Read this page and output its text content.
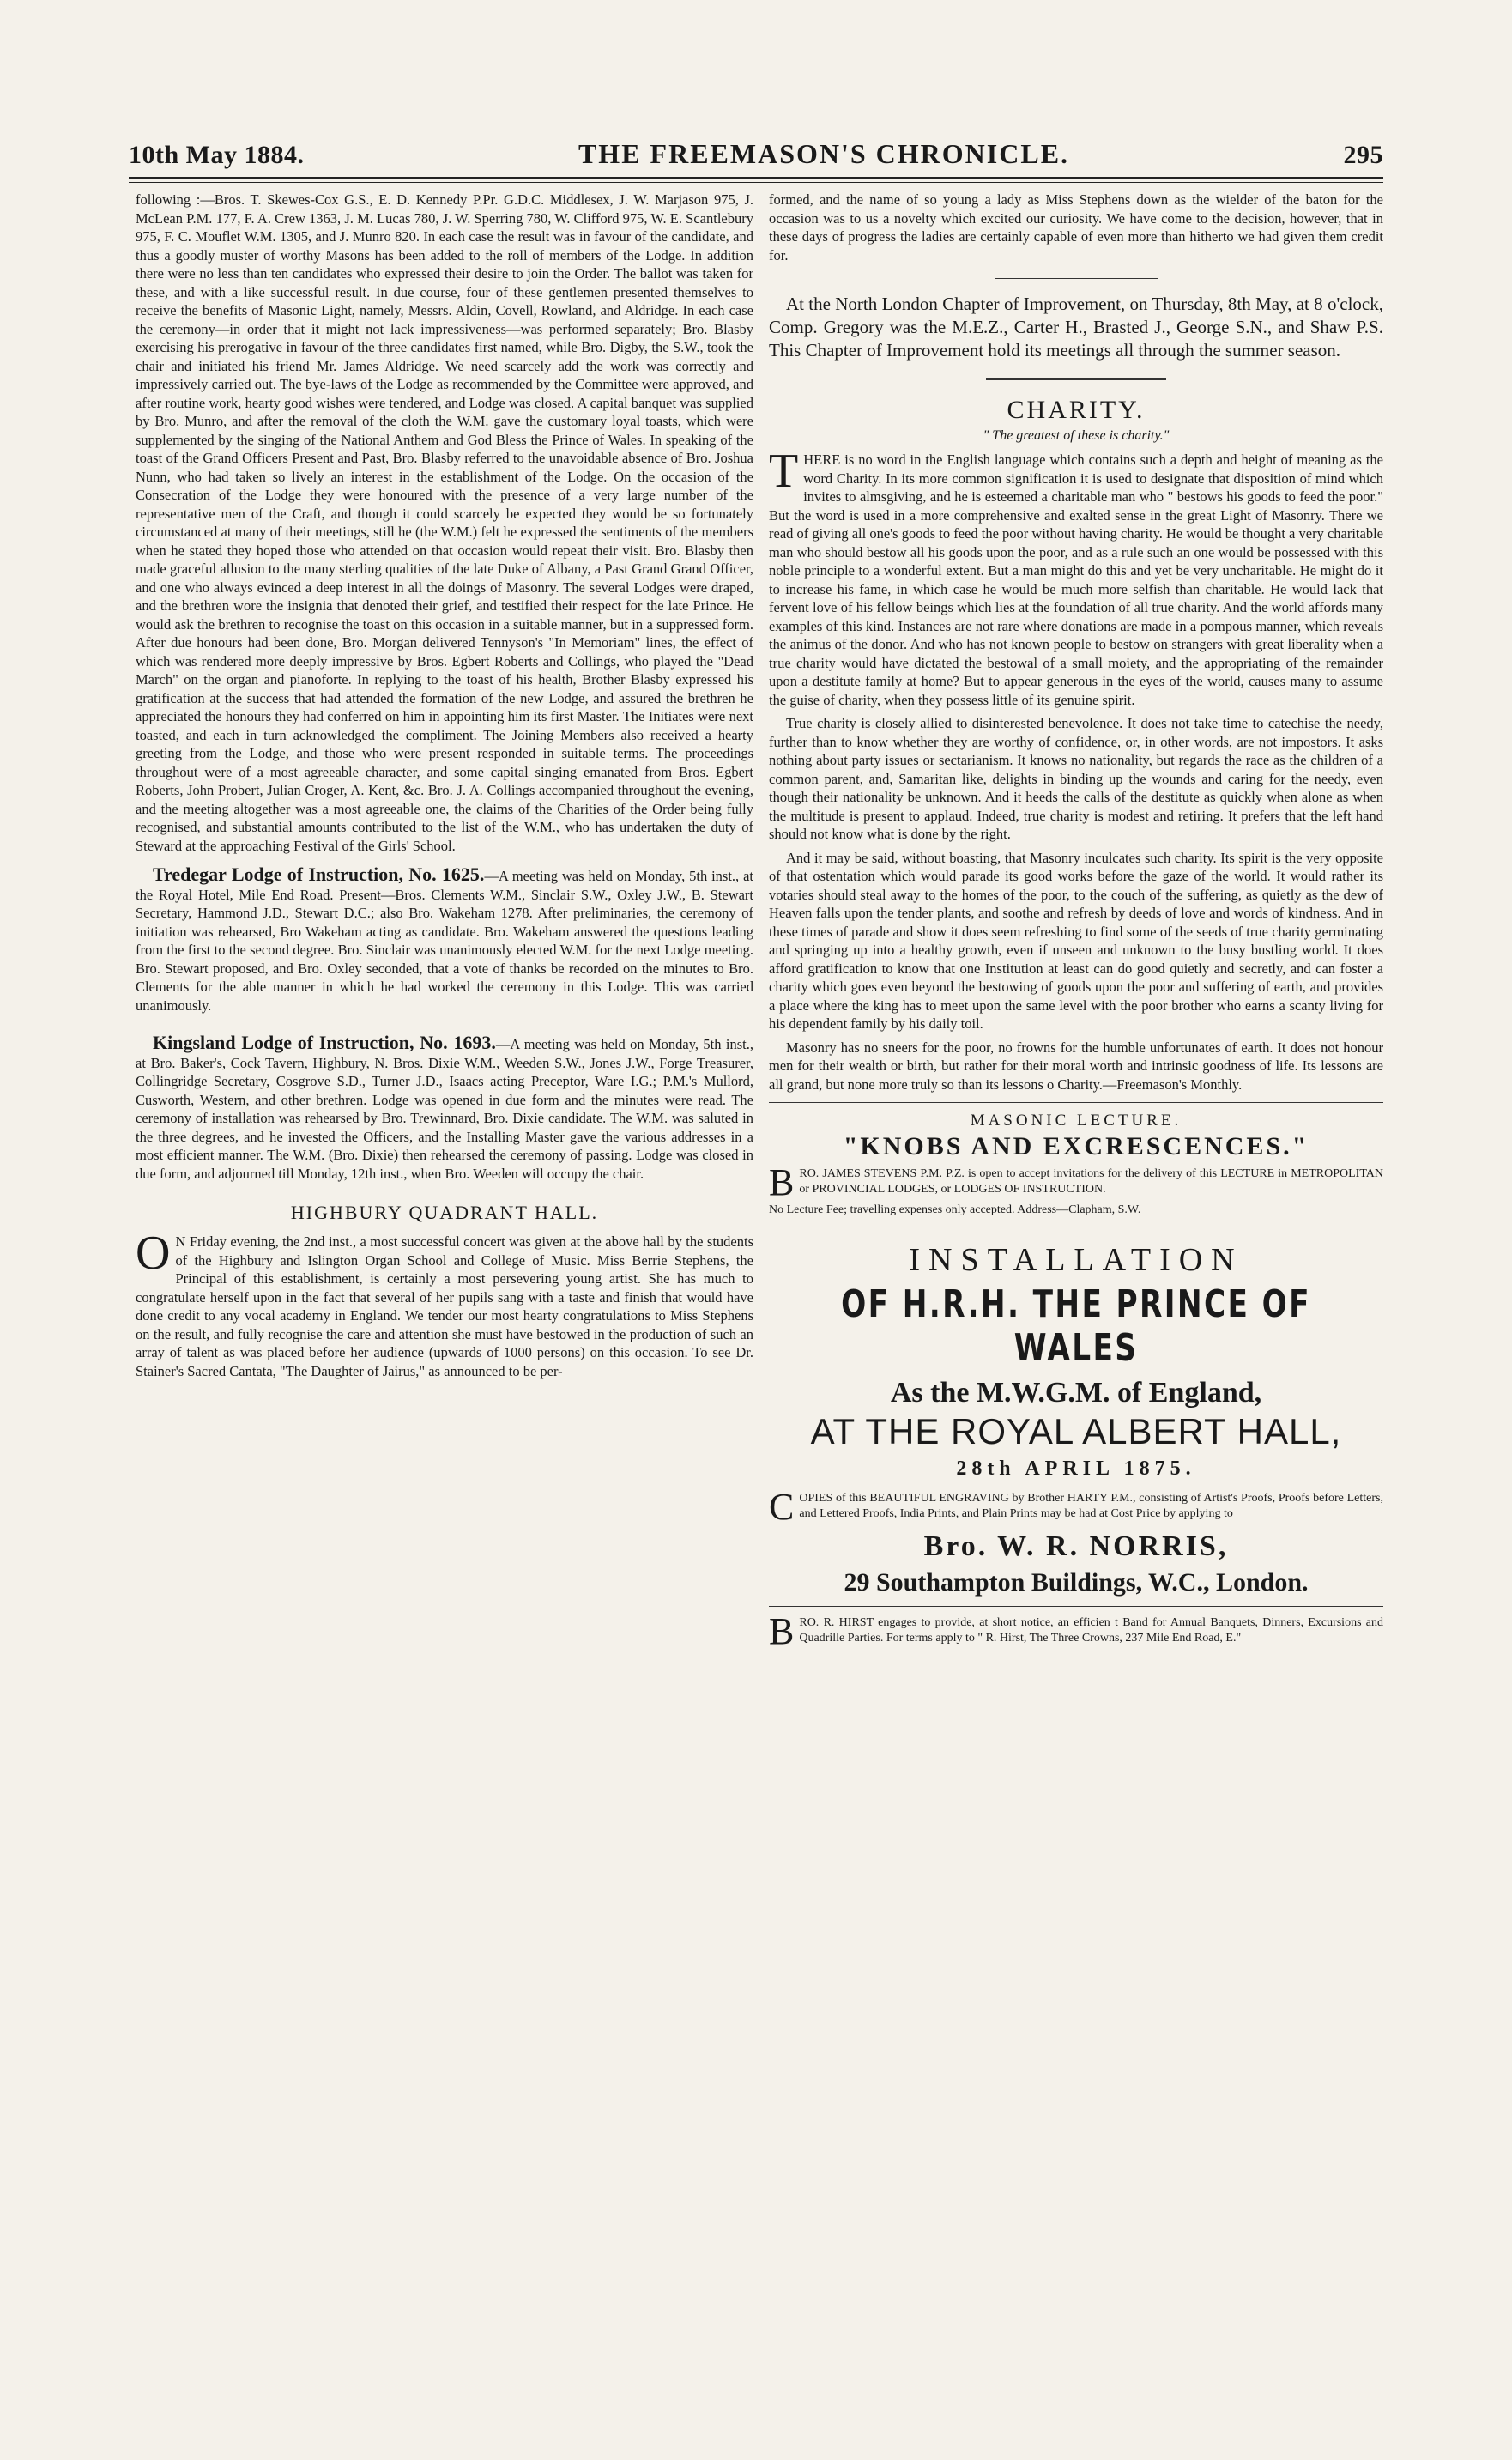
10th May 1884.	THE FREEMASON'S CHRONICLE.	295

following :—Bros. T. Skewes-Cox G.S., E. D. Kennedy P.Pr. G.D.C. Middlesex, J. W. Marjason 975, J. McLean P.M. 177, F. A. Crew 1363, J. M. Lucas 780, J. W. Sperring 780, W. Clifford 975, W. E. Scantlebury 975, F. C. Mouflet W.M. 1305, and J. Munro 820. In each case the result was in favour of the candidate, and thus a goodly muster of worthy Masons has been added to the roll of members of the Lodge. In addition there were no less than ten candidates who expressed their desire to join the Order. The ballot was taken for these, and with a like successful result. In due course, four of these gentlemen presented themselves to receive the benefits of Masonic Light, namely, Messrs. Aldin, Covell, Rowland, and Aldridge. In each case the ceremony—in order that it might not lack impressiveness—was performed separately; Bro. Blasby exercising his prerogative in favour of the three candidates first named, while Bro. Digby, the S.W., took the chair and initiated his friend Mr. James Aldridge. We need scarcely add the work was correctly and impressively carried out. The bye-laws of the Lodge as recommended by the Committee were approved, and after routine work, hearty good wishes were tendered, and Lodge was closed. A capital banquet was supplied by Bro. Munro, and after the removal of the cloth the W.M. gave the customary loyal toasts, which were supplemented by the singing of the National Anthem and God Bless the Prince of Wales. In speaking of the toast of the Grand Officers Present and Past, Bro. Blasby referred to the unavoidable absence of Bro. Joshua Nunn, who had taken so lively an interest in the establishment of the Lodge. On the occasion of the Consecration of the Lodge they were honoured with the presence of a very large number of the representative men of the Craft, and though it could scarcely be expected they would be so fortunately circumstanced at many of their meetings, still he (the W.M.) felt he expressed the sentiments of the members when he stated they hoped those who attended on that occasion would repeat their visit. Bro. Blasby then made graceful allusion to the many sterling qualities of the late Duke of Albany, a Past Grand Grand Officer, and one who always evinced a deep interest in all the doings of Masonry. The several Lodges were draped, and the brethren wore the insignia that denoted their grief, and testified their respect for the late Prince. He would ask the brethren to recognise the toast on this occasion in a suitable manner, but in a suppressed form. After due honours had been done, Bro. Morgan delivered Tennyson's "In Memoriam" lines, the effect of which was rendered more deeply impressive by Bros. Egbert Roberts and Collings, who played the "Dead March" on the organ and pianoforte. In replying to the toast of his health, Brother Blasby expressed his gratification at the success that had attended the formation of the new Lodge, and assured the brethren he appreciated the honours they had conferred on him in appointing him its first Master. The Initiates were next toasted, and each in turn acknowledged the compliment. The Joining Members also received a hearty greeting from the Lodge, and those who were present responded in suitable terms. The proceedings throughout were of a most agreeable character, and some capital singing emanated from Bros. Egbert Roberts, John Probert, Julian Croger, A. Kent, &c. Bro. J. A. Collings accompanied throughout the evening, and the meeting altogether was a most agreeable one, the claims of the Charities of the Order being fully recognised, and substantial amounts contributed to the list of the W.M., who has undertaken the duty of Steward at the approaching Festival of the Girls' School.

Tredegar Lodge of Instruction, No. 1625.—A meeting was held on Monday, 5th inst., at the Royal Hotel, Mile End Road. Present—Bros. Clements W.M., Sinclair S.W., Oxley J.W., B. Stewart Secretary, Hammond J.D., Stewart D.C.; also Bro. Wakeham 1278. After preliminaries, the ceremony of initiation was rehearsed, Bro Wakeham acting as candidate. Bro. Wakeham answered the questions leading from the first to the second degree. Bro. Sinclair was unanimously elected W.M. for the next Lodge meeting. Bro. Stewart proposed, and Bro. Oxley seconded, that a vote of thanks be recorded on the minutes to Bro. Clements for the able manner in which he had worked the ceremony in this Lodge. This was carried unanimously.

Kingsland Lodge of Instruction, No. 1693.—A meeting was held on Monday, 5th inst., at Bro. Baker's, Cock Tavern, Highbury, N. Bros. Dixie W.M., Weeden S.W., Jones J.W., Forge Treasurer, Collingridge Secretary, Cosgrove S.D., Turner J.D., Isaacs acting Preceptor, Ware I.G.; P.M.'s Mullord, Cusworth, Western, and other brethren. Lodge was opened in due form and the minutes were read. The ceremony of installation was rehearsed by Bro. Trewinnard, Bro. Dixie candidate. The W.M. was saluted in the three degrees, and he invested the Officers, and the Installing Master gave the various addresses in a most efficient manner. The W.M. (Bro. Dixie) then rehearsed the ceremony of passing. Lodge was closed in due form, and adjourned till Monday, 12th inst., when Bro. Weeden will occupy the chair.

HIGHBURY QUADRANT HALL.

O N Friday evening, the 2nd inst., a most successful concert was given at the above hall by the students of the Highbury and Islington Organ School and College of Music. Miss Berrie Stephens, the Principal of this establishment, is certainly a most persevering young artist. She has much to congratulate herself upon in the fact that several of her pupils sang with a taste and finish that would have done credit to any vocal academy in England. We tender our most hearty congratulations to Miss Stephens on the result, and fully recognise the care and attention she must have bestowed in the production of such an array of talent as was placed before her audience (upwards of 1000 persons) on this occasion. To see Dr. Stainer's Sacred Cantata, "The Daughter of Jairus," as announced to be per-

formed, and the name of so young a lady as Miss Stephens down as the wielder of the baton for the occasion was to us a novelty which excited our curiosity. We have come to the decision, however, that in these days of progress the ladies are certainly capable of even more than hitherto we had given them credit for.

At the North London Chapter of Improvement, on Thursday, 8th May, at 8 o'clock, Comp. Gregory was the M.E.Z., Carter H., Brasted J., George S.N., and Shaw P.S. This Chapter of Improvement hold its meetings all through the summer season.

CHARITY.
" The greatest of these is charity."

THERE is no word in the English language which contains such a depth and height of meaning as the word Charity. In its more common signification it is used to designate that disposition of mind which invites to almsgiving, and he is esteemed a charitable man who " bestows his goods to feed the poor." But the word is used in a more comprehensive and exalted sense in the great Light of Masonry. There we read of giving all one's goods to feed the poor without having charity. He would be thought a very charitable man who should bestow all his goods upon the poor, and as a rule such an one would be possessed with this noble principle to a wonderful extent. But a man might do this and yet be very uncharitable. He might do it to increase his fame, in which case he would be much more selfish than charitable. He would lack that fervent love of his fellow beings which lies at the foundation of all true charity. And the world affords many examples of this kind. Instances are not rare where donations are made in a pompous manner, which reveals the animus of the donor. And who has not known people to bestow on strangers with great liberality when a true charity would have dictated the bestowal of a small moiety, and the appropriating of the remainder upon a destitute family at home? But to appear generous in the eyes of the world, causes many to assume the guise of charity, when they possess little of its genuine spirit.

True charity is closely allied to disinterested benevolence. It does not take time to catechise the needy, further than to know whether they are worthy of confidence, or, in other words, are not impostors. It asks nothing about party issues or sectarianism. It knows no nationality, but regards the race as the children of a common parent, and, Samaritan like, delights in binding up the wounds and caring for the needy, even though their nationality be unknown. And it heeds the calls of the destitute as quickly when alone as when the multitude is present to applaud. Indeed, true charity is modest and retiring. It prefers that the left hand should not know what is done by the right.

And it may be said, without boasting, that Masonry inculcates such charity. Its spirit is the very opposite of that ostentation which would parade its good works before the gaze of the world. It would rather its votaries should steal away to the homes of the poor, to the couch of the suffering, as quietly as the dew of Heaven falls upon the tender plants, and soothe and refresh by deeds of love and words of kindness. And in these times of parade and show it does seem refreshing to find some of the seeds of true charity germinating and springing up into a healthy growth, even if unseen and unknown to the busy bustling world. It does afford gratification to know that one Institution at least can do good quietly and secretly, and can foster a charity which goes even beyond the bestowing of goods upon the poor and suffering of earth, and provides a place where the king has to meet upon the same level with the poor brother who earns a scanty living for his dependent family by his daily toil.

Masonry has no sneers for the poor, no frowns for the humble unfortunates of earth. It does not honour men for their wealth or birth, but rather for their moral worth and intrinsic goodness of life. Its lessons are all grand, but none more truly so than its lessons o Charity.—Freemason's Monthly.

MASONIC LECTURE.
"KNOBS AND EXCRESCENCES."

BRO. JAMES STEVENS P.M. P.Z. is open to accept invitations for the delivery of this LECTURE in METROPOLITAN or PROVINCIAL LODGES, or LODGES OF INSTRUCTION.

No Lecture Fee; travelling expenses only accepted. Address—Clapham, S.W.

INSTALLATION
OF H.R.H. THE PRINCE OF WALES
As the M.W.G.M. of England,
AT THE ROYAL ALBERT HALL,
28th APRIL 1875.

COPIES of this BEAUTIFUL ENGRAVING by Brother HARTY P.M., consisting of Artist's Proofs, Proofs before Letters, and Lettered Proofs, India Prints, and Plain Prints may be had at Cost Price by applying to

Bro. W. R. NORRIS,
29 Southampton Buildings, W.C., London.

BRO. R. HIRST engages to provide, at short notice, an efficien t Band for Annual Banquets, Dinners, Excursions and Quadrille Parties. For terms apply to " R. Hirst, The Three Crowns, 237 Mile End Road, E."
